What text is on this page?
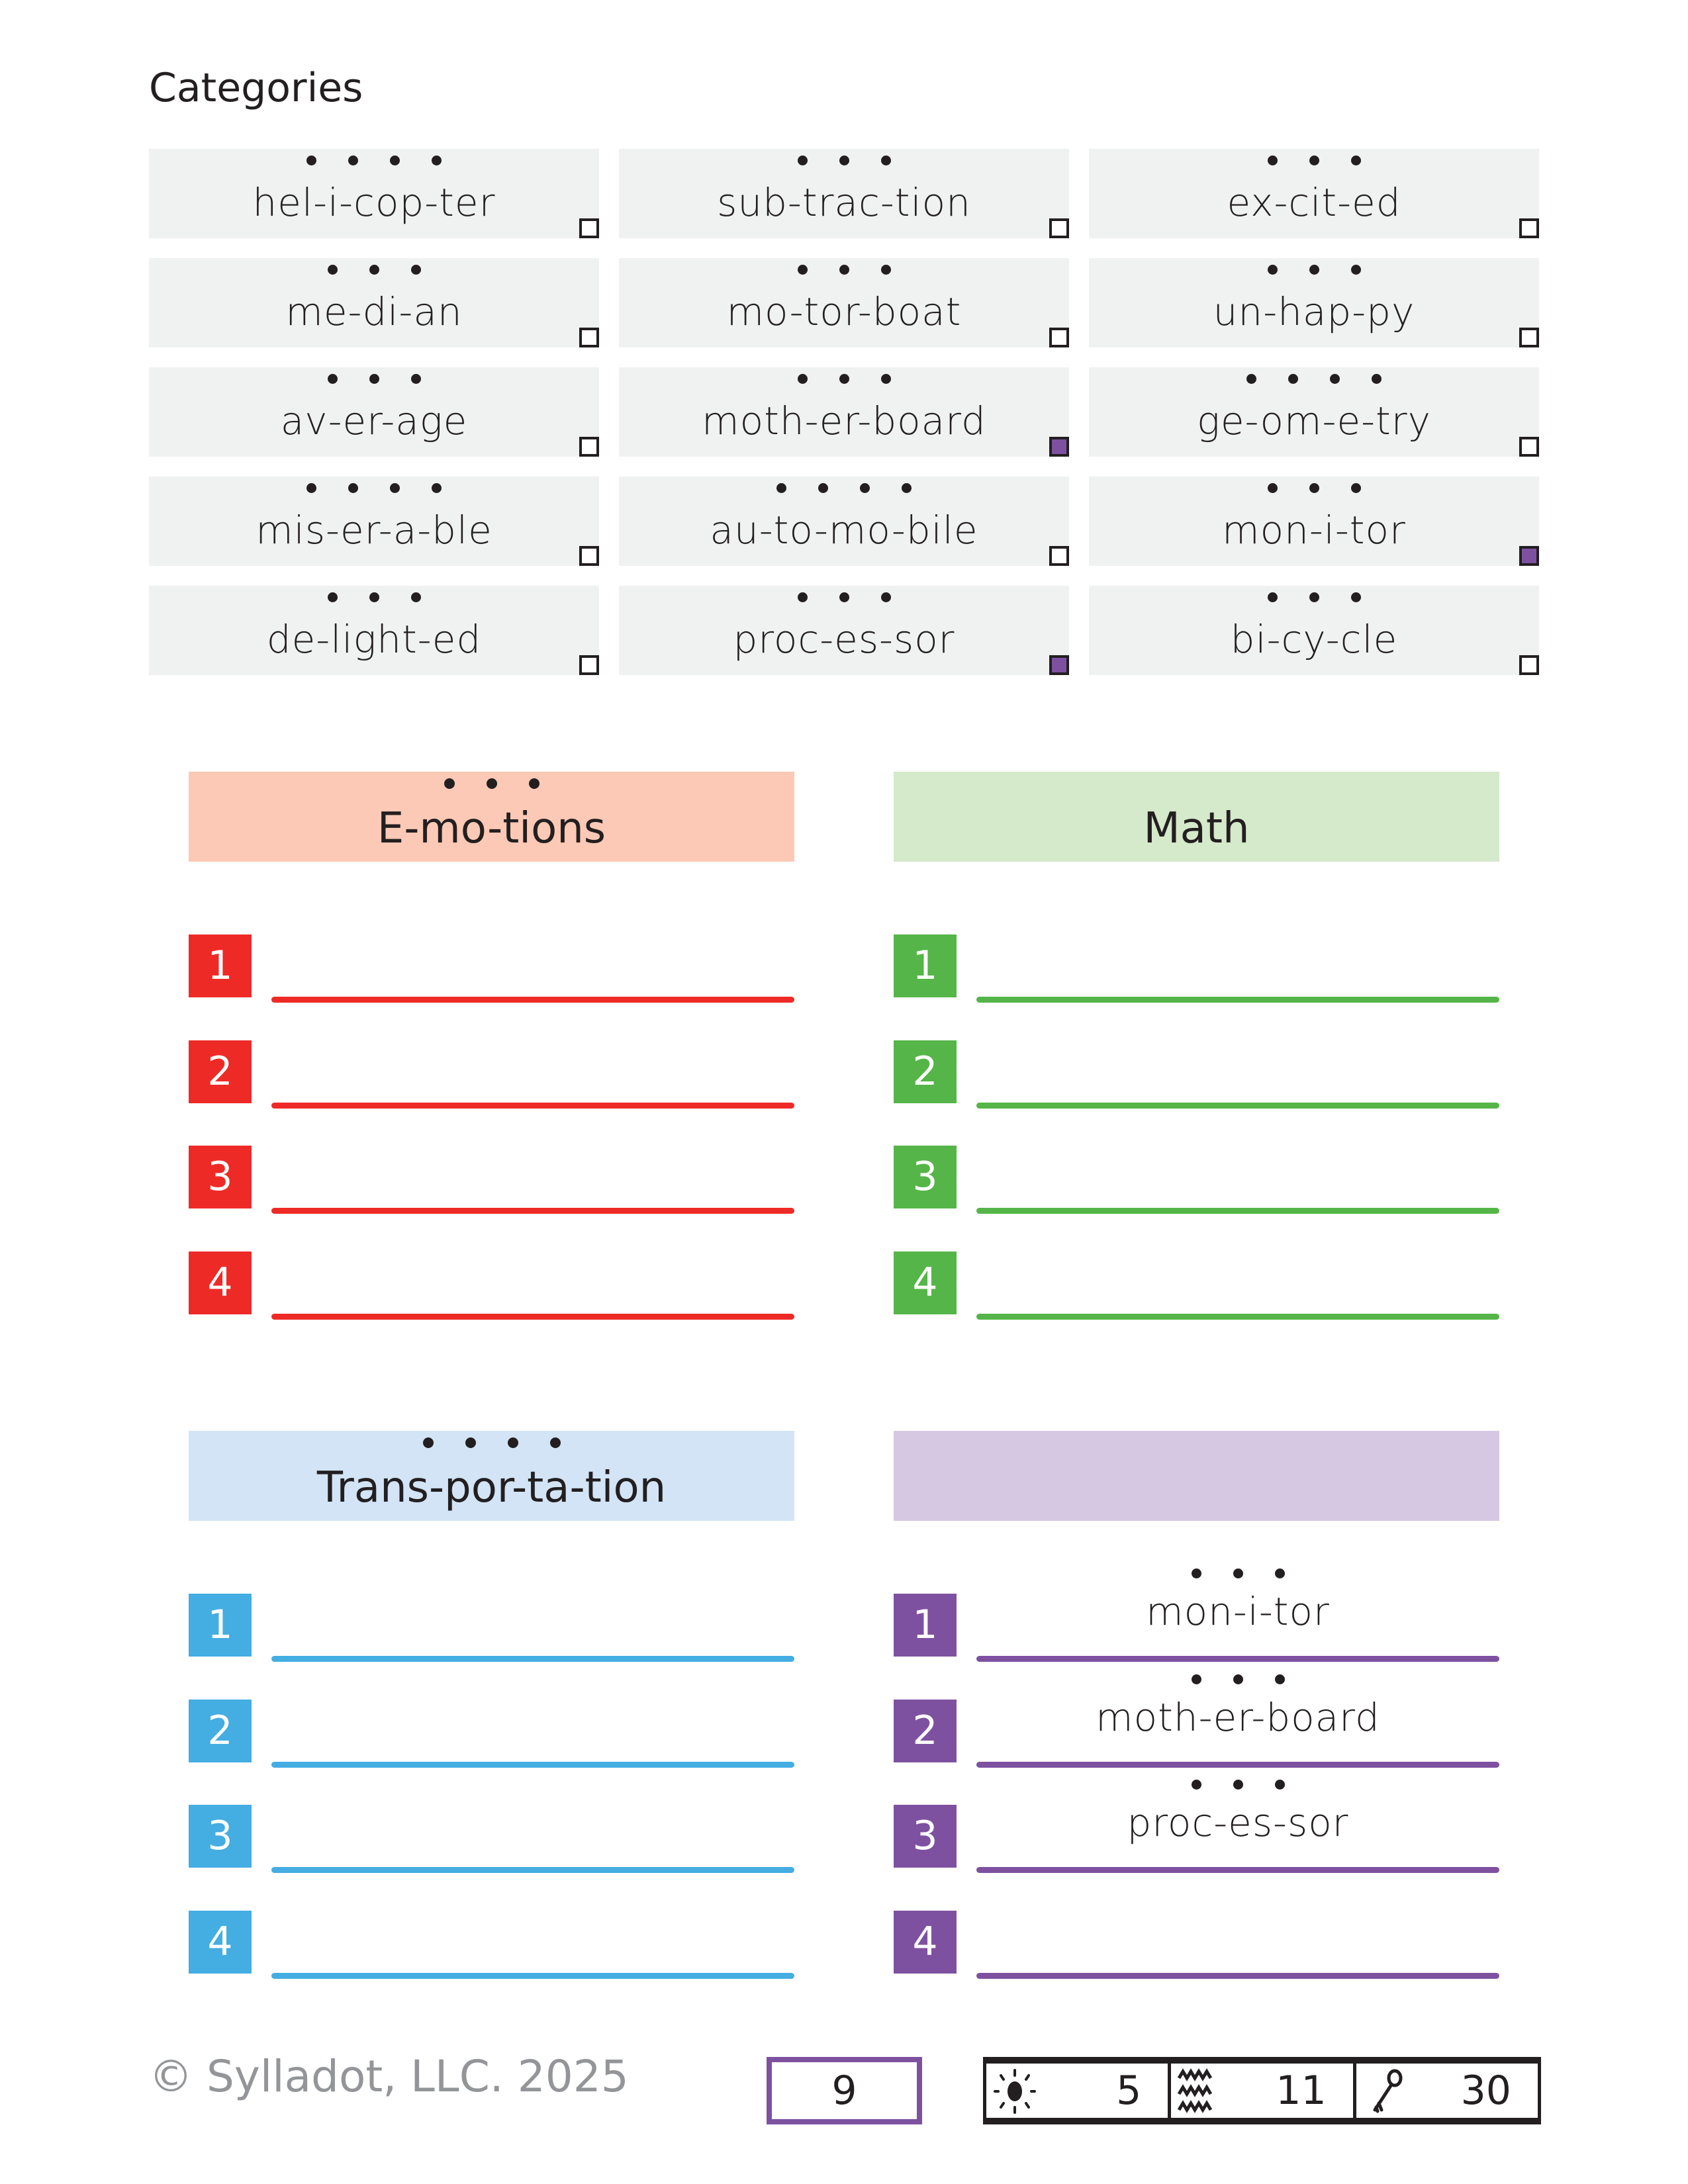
Categories
hel-i-cop-ter	sub-trac-tion	ex-cit-ed
me-di-an	mo-tor-boat	un-hap-py
av-er-age	moth-er-board	ge-om-e-try
mis-er-a-ble	au-to-mo-bile	mon-i-tor
de-light-ed	proc-es-sor	bi-cy-cle
E-mo-tions
1
2
3
4
Math
1
2
3
4
Trans-por-ta-tion
1
2
3
4
1	mon-i-tor
2	moth-er-board
3	proc-es-sor
4
© Sylladot, LLC. 2025	9	5	11	30
